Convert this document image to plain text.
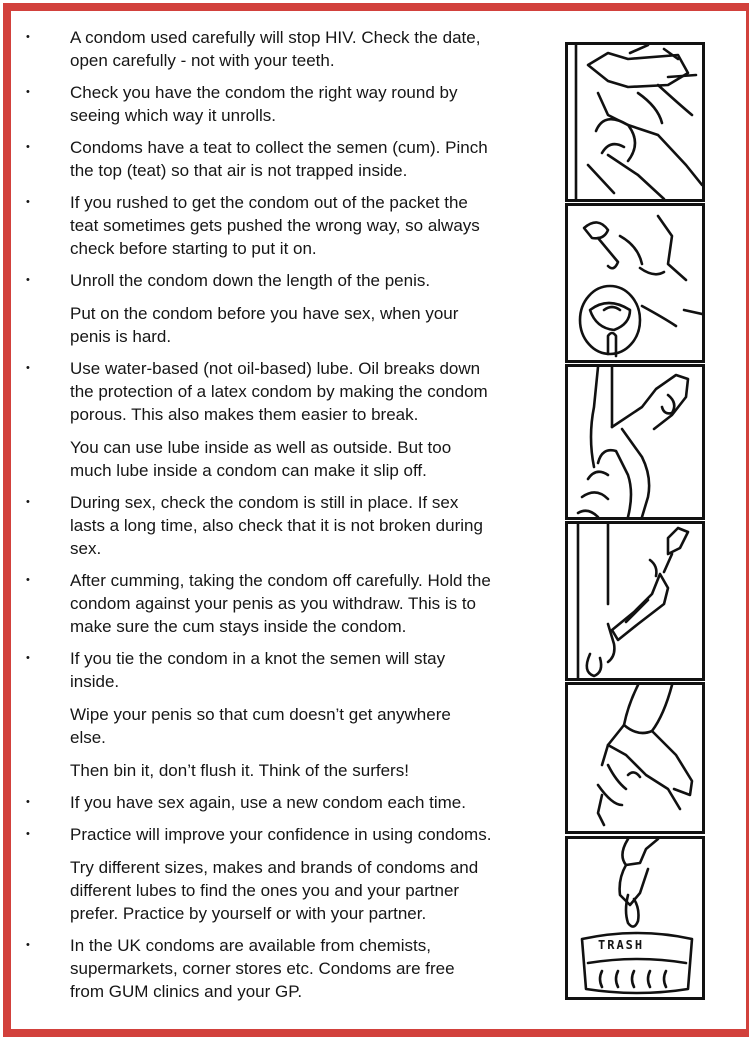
•	A condom used carefully will stop HIV. Check the date,
open carefully - not with your teeth.
•	Check you have the condom the right way round by
seeing which way it unrolls.
•	Condoms have a teat to collect the semen (cum). Pinch
the top (teat) so that air is not trapped inside.
•	If you rushed to get the condom out of the packet the
teat sometimes gets pushed the wrong way, so always
check before starting to put it on.
•	Unroll the condom down the length of the penis.
Put on the condom before you have sex, when your
penis is hard.
•	Use water-based (not oil-based) lube. Oil breaks down
the protection of a latex condom by making the condom
porous. This also makes them easier to break.
You can use lube inside as well as outside. But too
much lube inside a condom can make it slip off.
•	During sex, check the condom is still in place. If sex
lasts a long time, also check that it is not broken during
sex.
•	After cumming, taking the condom off carefully. Hold the
condom against your penis as you withdraw. This is to
make sure the cum stays inside the condom.
•	If you tie the condom in a knot the semen will stay
inside.
Wipe your penis so that cum doesn’t get anywhere
else.
Then bin it, don’t flush it. Think of the surfers!
•	If you have sex again, use a new condom each time.
•	Practice will improve your confidence in using condoms.
Try different sizes, makes and brands of condoms and
different lubes to find the ones you and your partner
prefer. Practice by yourself or with your partner.
•	In the UK condoms are available from chemists,
supermarkets, corner stores etc. Condoms are free
from GUM clinics and your GP.
TRASH
